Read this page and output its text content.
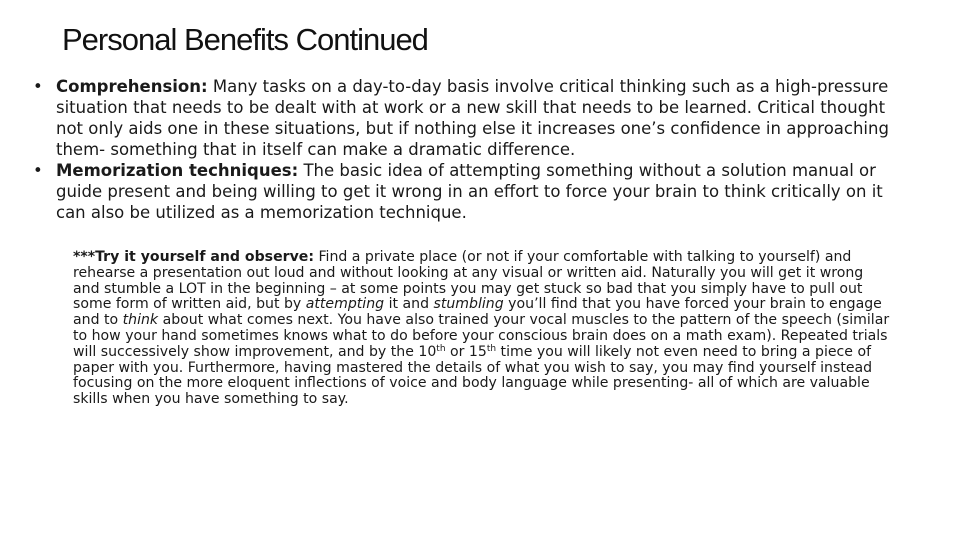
Personal Benefits Continued
• Comprehension: Many tasks on a day-to-day basis involve critical thinking such as a high-pressure situation that needs to be dealt with at work or a new skill that needs to be learned. Critical thought not only aids one in these situations, but if nothing else it increases one’s confidence in approaching them- something that in itself can make a dramatic difference.
• Memorization techniques: The basic idea of attempting something without a solution manual or guide present and being willing to get it wrong in an effort to force your brain to think critically on it can also be utilized as a memorization technique.

***Try it yourself and observe: Find a private place (or not if your comfortable with talking to yourself) and rehearse a presentation out loud and without looking at any visual or written aid. Naturally you will get it wrong and stumble a LOT in the beginning – at some points you may get stuck so bad that you simply have to pull out some form of written aid, but by attempting it and stumbling you’ll find that you have forced your brain to engage and to think about what comes next. You have also trained your vocal muscles to the pattern of the speech (similar to how your hand sometimes knows what to do before your conscious brain does on a math exam). Repeated trials will successively show improvement, and by the 10th or 15th time you will likely not even need to bring a piece of paper with you. Furthermore, having mastered the details of what you wish to say, you may find yourself instead focusing on the more eloquent inflections of voice and body language while presenting- all of which are valuable skills when you have something to say.
